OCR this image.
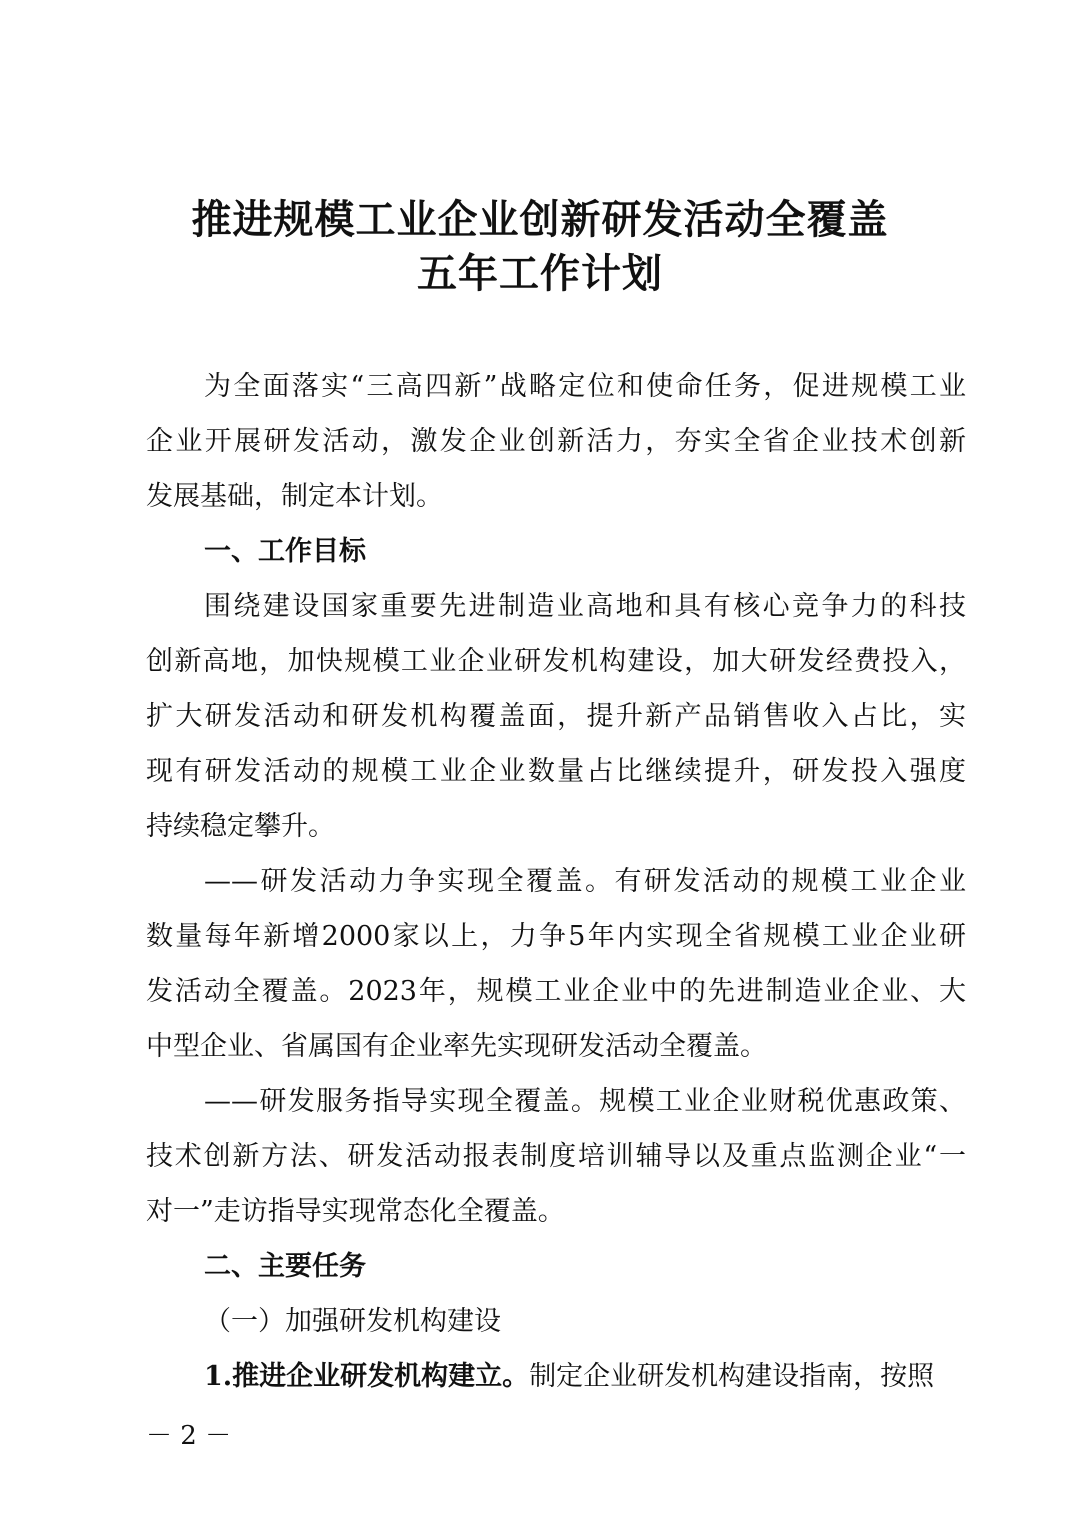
推进规模工业企业创新研发活动全覆盖
五年工作计划
为全面落实“三高四新”战略定位和使命任务，促进规模工业
企业开展研发活动，激发企业创新活力，夯实全省企业技术创新
发展基础，制定本计划。
一、工作目标
围绕建设国家重要先进制造业高地和具有核心竞争力的科技
创新高地，加快规模工业企业研发机构建设，加大研发经费投入，
扩大研发活动和研发机构覆盖面，提升新产品销售收入占比，实
现有研发活动的规模工业企业数量占比继续提升，研发投入强度
持续稳定攀升。
——研发活动力争实现全覆盖。有研发活动的规模工业企业
数量每年新增2000家以上，力争5年内实现全省规模工业企业研
发活动全覆盖。2023年，规模工业企业中的先进制造业企业、大
中型企业、省属国有企业率先实现研发活动全覆盖。
——研发服务指导实现全覆盖。规模工业企业财税优惠政策、
技术创新方法、研发活动报表制度培训辅导以及重点监测企业“一
对一”走访指导实现常态化全覆盖。
二、主要任务
（一）加强研发机构建设
1.推进企业研发机构建立。制定企业研发机构建设指南，按照
－ 2 －
